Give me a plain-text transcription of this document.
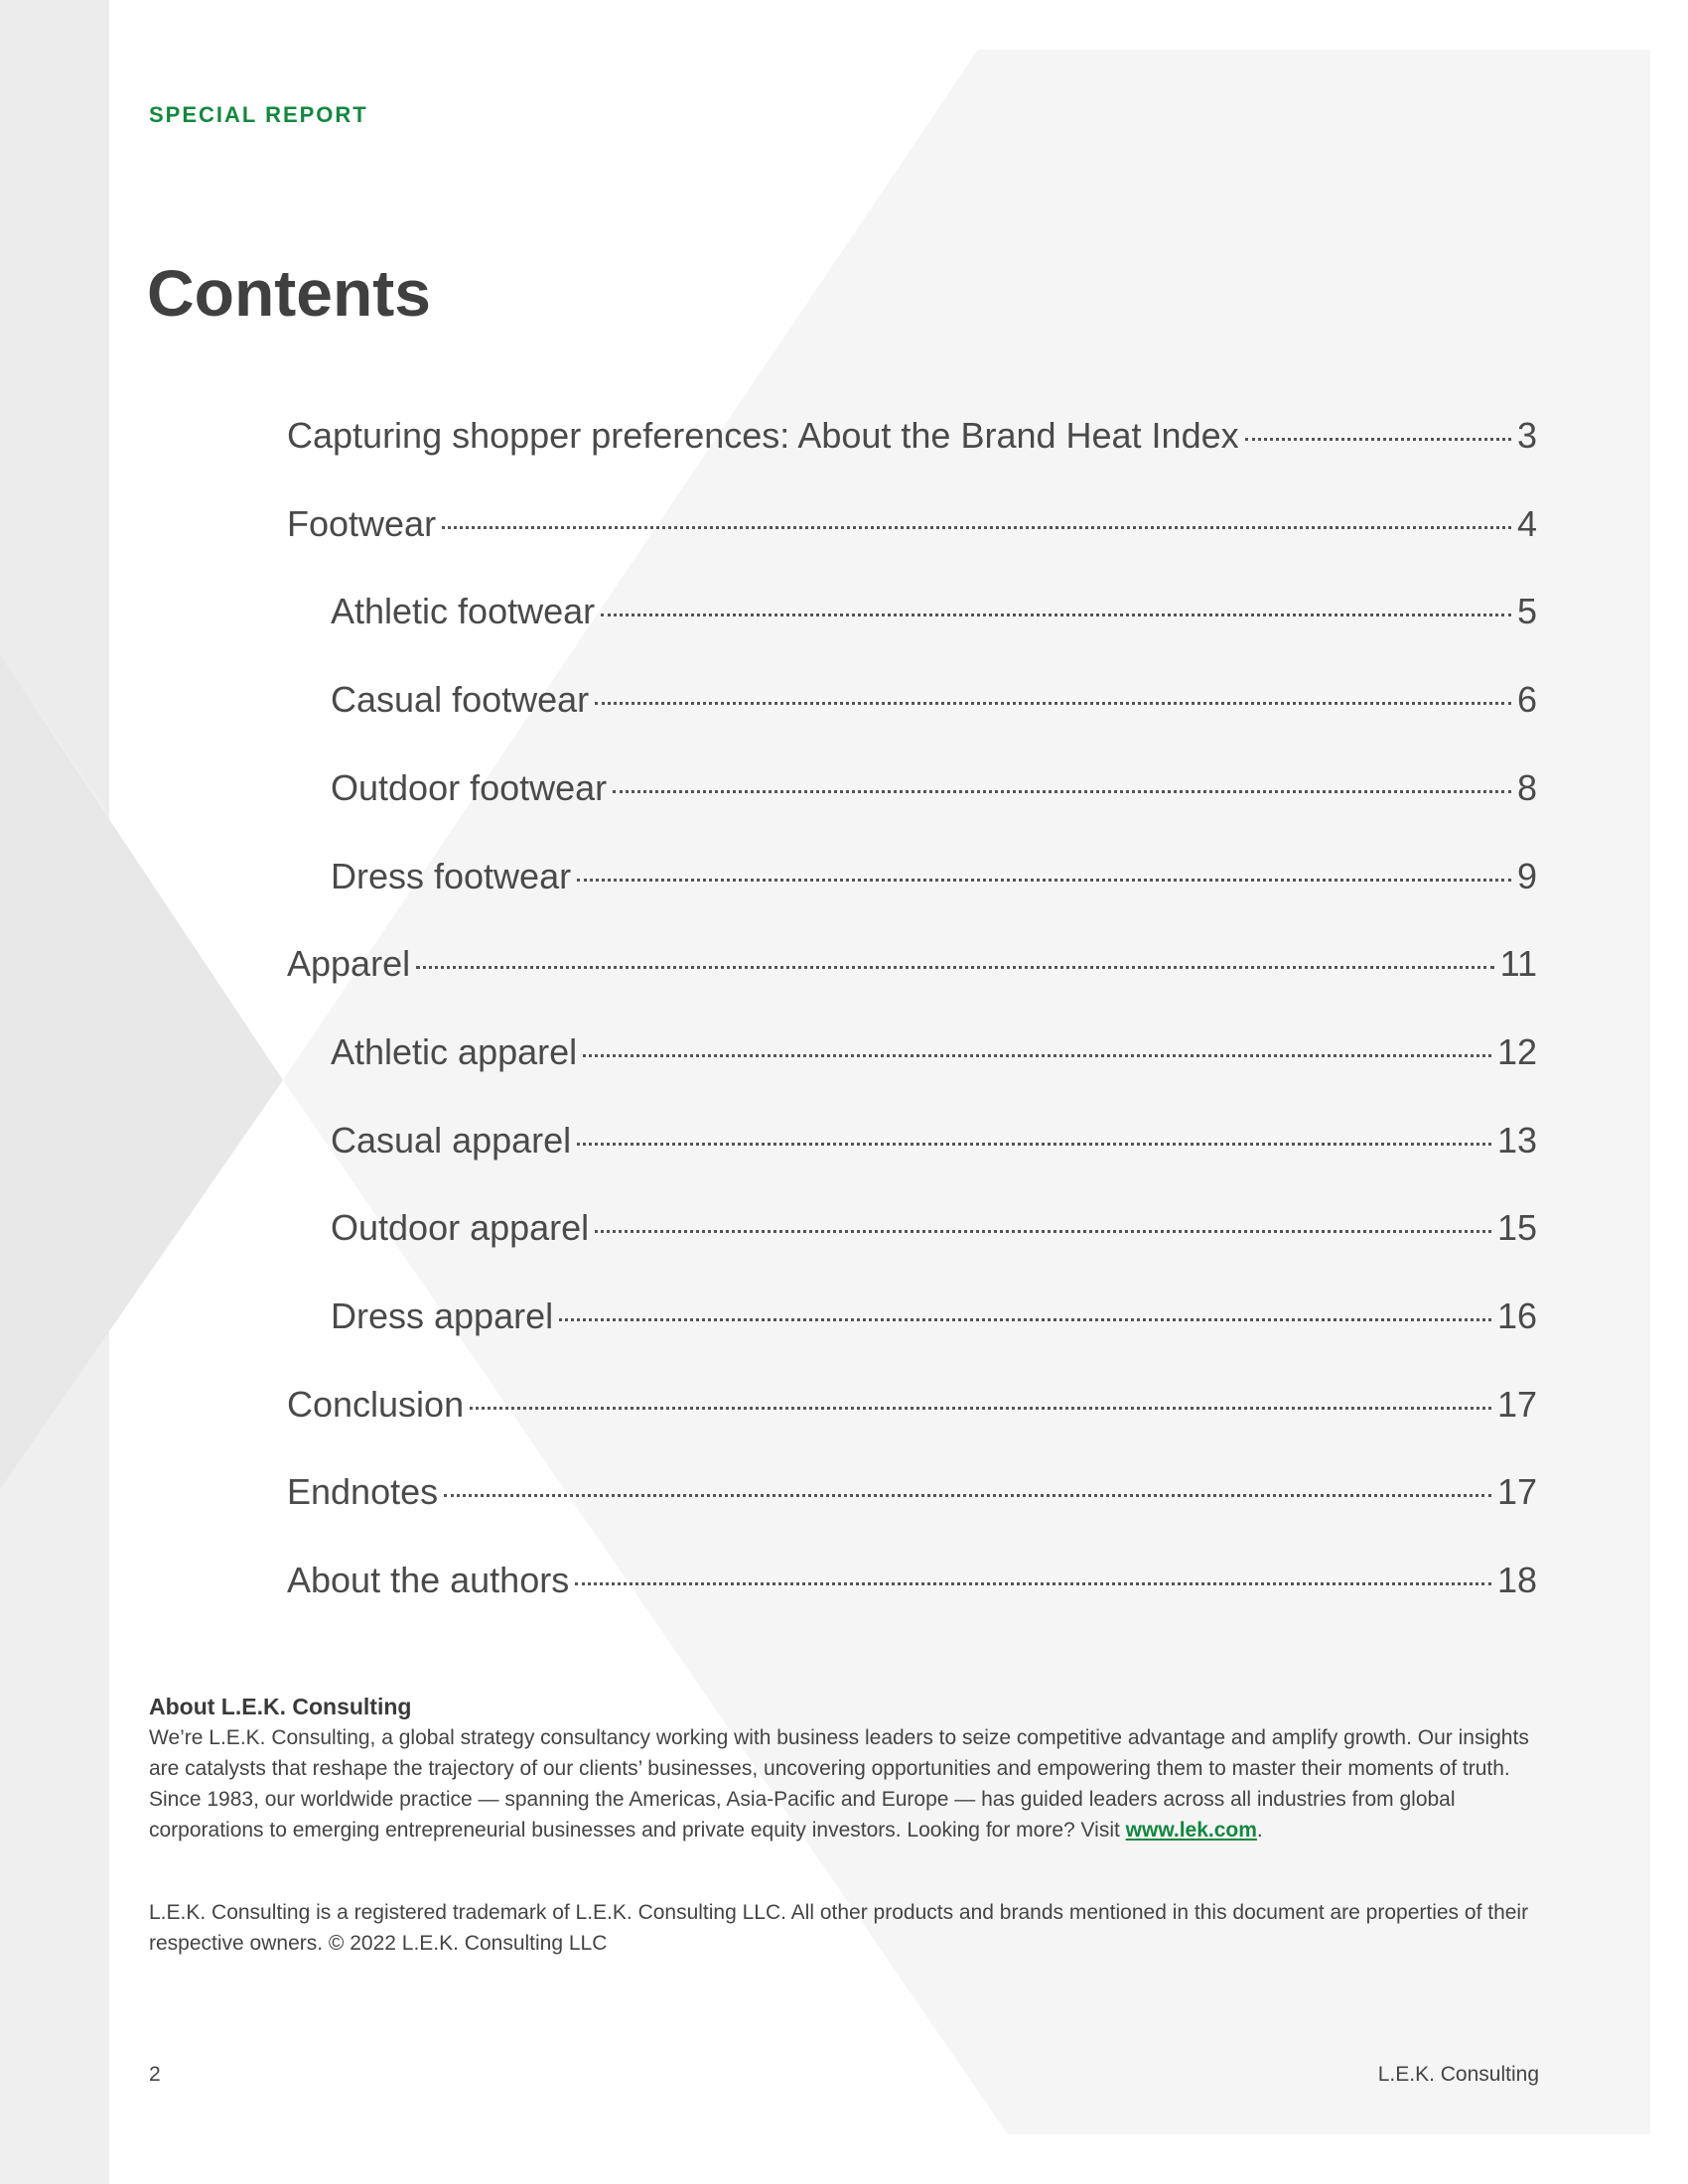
SPECIAL REPORT
Contents
Capturing shopper preferences: About the Brand Heat Index	3
Footwear	4
Athletic footwear	5
Casual footwear	6
Outdoor footwear	8
Dress footwear	9
Apparel	11
Athletic apparel	12
Casual apparel	13
Outdoor apparel	15
Dress apparel	16
Conclusion	17
Endnotes	17
About the authors	18
About L.E.K. Consulting

We’re L.E.K. Consulting, a global strategy consultancy working with business leaders to seize competitive advantage and amplify growth. Our insights are catalysts that reshape the trajectory of our clients’ businesses, uncovering opportunities and empowering them to master their moments of truth. Since 1983, our worldwide practice — spanning the Americas, Asia-Pacific and Europe — has guided leaders across all industries from global corporations to emerging entrepreneurial businesses and private equity investors. Looking for more? Visit www.lek.com.

L.E.K. Consulting is a registered trademark of L.E.K. Consulting LLC. All other products and brands mentioned in this document are properties of their respective owners. © 2022 L.E.K. Consulting LLC

2	L.E.K. Consulting
